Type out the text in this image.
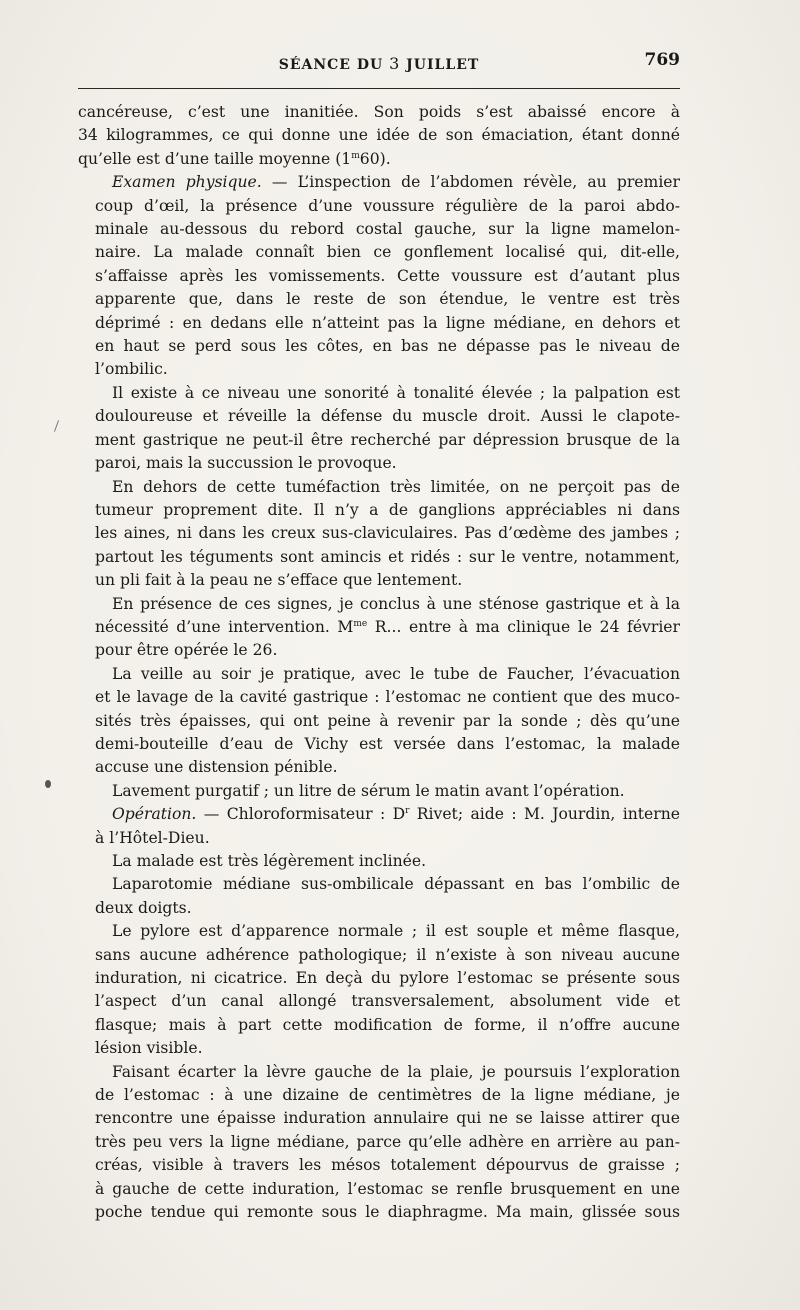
SÉANCE DU 3 JUILLET	769

cancéreuse, c’est une inanitiée. Son poids s’est abaissé encore à
34 kilogrammes, ce qui donne une idée de son émaciation, étant donné
qu’elle est d’une taille moyenne (1$^m$60).

Examen physique. — L’inspection de l’abdomen révèle, au premier
coup d’œil, la présence d’une voussure régulière de la paroi abdo-
minale au-dessous du rebord costal gauche, sur la ligne mamelon-
naire. La malade connaît bien ce gonflement localisé qui, dit-elle,
s’affaisse après les vomissements. Cette voussure est d’autant plus
apparente que, dans le reste de son étendue, le ventre est très
déprimé : en dedans elle n’atteint pas la ligne médiane, en dehors et
en haut se perd sous les côtes, en bas ne dépasse pas le niveau de
l’ombilic.

Il existe à ce niveau une sonorité à tonalité élevée ; la palpation est
douloureuse et réveille la défense du muscle droit. Aussi le clapote-
ment gastrique ne peut-il être recherché par dépression brusque de la
paroi, mais la succussion le provoque.

En dehors de cette tuméfaction très limitée, on ne perçoit pas de
tumeur proprement dite. Il n’y a de ganglions appréciables ni dans
les aines, ni dans les creux sus-claviculaires. Pas d’œdème des jambes ;
partout les téguments sont amincis et ridés : sur le ventre, notamment,
un pli fait à la peau ne s’efface que lentement.

En présence de ces signes, je conclus à une sténose gastrique et à la
nécessité d’une intervention. $M^{me}$ R... entre à ma clinique le 24 février
pour être opérée le 26.

La veille au soir je pratique, avec le tube de Faucher, l’évacuation
et le lavage de la cavité gastrique : l’estomac ne contient que des muco-
sités très épaisses, qui ont peine à revenir par la sonde ; dès qu’une
demi-bouteille d’eau de Vichy est versée dans l’estomac, la malade
accuse une distension pénible.

Lavement purgatif ; un litre de sérum le matin avant l’opération.

Opération. — Chloroformisateur : $D^r$ Rivet; aide : M. Jourdin, interne
à l’Hôtel-Dieu.

La malade est très légèrement inclinée.

Laparotomie médiane sus-ombilicale dépassant en bas l’ombilic de
deux doigts.

Le pylore est d’apparence normale ; il est souple et même flasque,
sans aucune adhérence pathologique; il n’existe à son niveau aucune
induration, ni cicatrice. En deçà du pylore l’estomac se présente sous
l’aspect d’un canal allongé transversalement, absolument vide et
flasque; mais à part cette modification de forme, il n’offre aucune
lésion visible.

Faisant écarter la lèvre gauche de la plaie, je poursuis l’exploration
de l’estomac : à une dizaine de centimètres de la ligne médiane, je
rencontre une épaisse induration annulaire qui ne se laisse attirer que
très peu vers la ligne médiane, parce qu’elle adhère en arrière au pan-
créas, visible à travers les mésos totalement dépourvus de graisse ;
à gauche de cette induration, l’estomac se renfle brusquement en une
poche tendue qui remonte sous le diaphragme. Ma main, glissée sous
